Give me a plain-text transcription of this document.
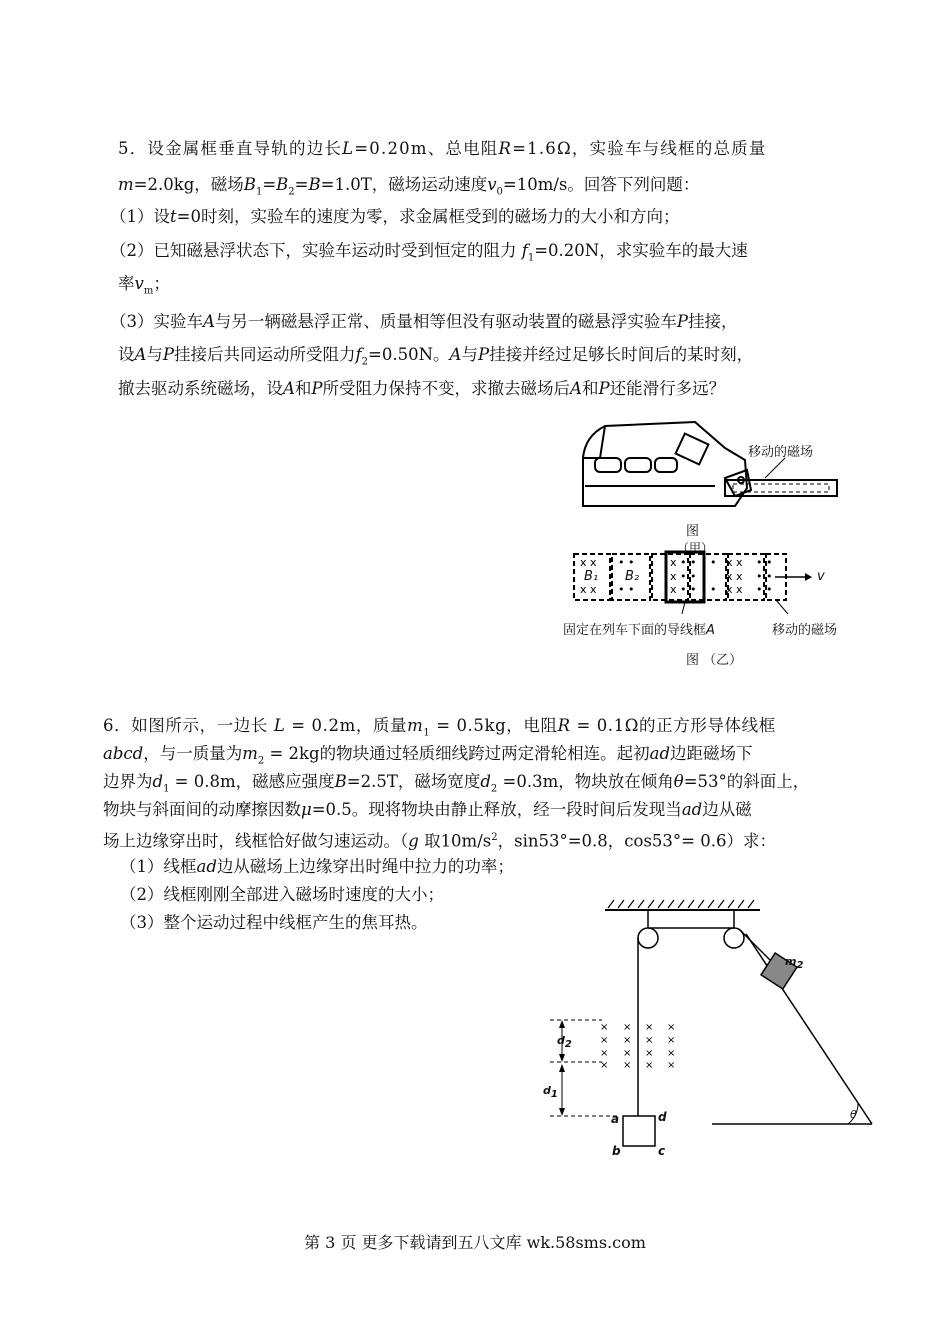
5．设金属框垂直导轨的边长L=0.20m、总电阻R=1.6Ω，实验车与线框的总质量
m=2.0kg，磁场$B_1=B_2=B=1.0T$，磁场运动速度$v_0=10m/s$。回答下列问题：
（1）设t=0时刻，实验车的速度为零，求金属框受到的磁场力的大小和方向；
（2）已知磁悬浮状态下，实验车运动时受到恒定的阻力 $f_1=0.20N$，求实验车的最大速
率$v_m$；
（3）实验车A与另一辆磁悬浮正常、质量相等但没有驱动装置的磁悬浮实验车P挂接，
设A与P挂接后共同运动所受阻力$f_2=0.50N$。A与P挂接并经过足够长时间后的某时刻，
撤去驱动系统磁场，设A和P所受阻力保持不变，求撤去磁场后A和P还能滑行多远？
移动的磁场
图
（甲）
x x
x x
• •
• •
x • •
x • •
x • •
•
•
x x
x x
x x
• •
• •
• •
B₁ B₂	v
固定在列车下面的导线框A	移动的磁场
图 （乙）
6．如图所示，一边长 L = 0.2m，质量$m_1 = 0.5kg$，电阻R = 0.1Ω的正方形导体线框
abcd，与一质量为$m_2 = 2kg$的物块通过轻质细线跨过两定滑轮相连。起初ad边距磁场下
边界为$d_1 = 0.8m$，磁感应强度B=2.5T，磁场宽度$d_2 =0.3m$，物块放在倾角θ=53°的斜面上，
物块与斜面间的动摩擦因数μ=0.5。现将物块由静止释放，经一段时间后发现当ad边从磁
场上边缘穿出时，线框恰好做匀速运动。（g 取$10m/s^2$，sin53°=0.8，cos53°= 0.6）求：
（1）线框ad边从磁场上边缘穿出时绳中拉力的功率；
（2）线框刚刚全部进入磁场时速度的大小；
（3）整个运动过程中线框产生的焦耳热。
× × × ×
× × × ×
× × × ×
× × × ×
$m_2$
$d_2$
$d_1$
a	d
b	c
θ
第 3 页 更多下载请到五八文库 wk.58sms.com
